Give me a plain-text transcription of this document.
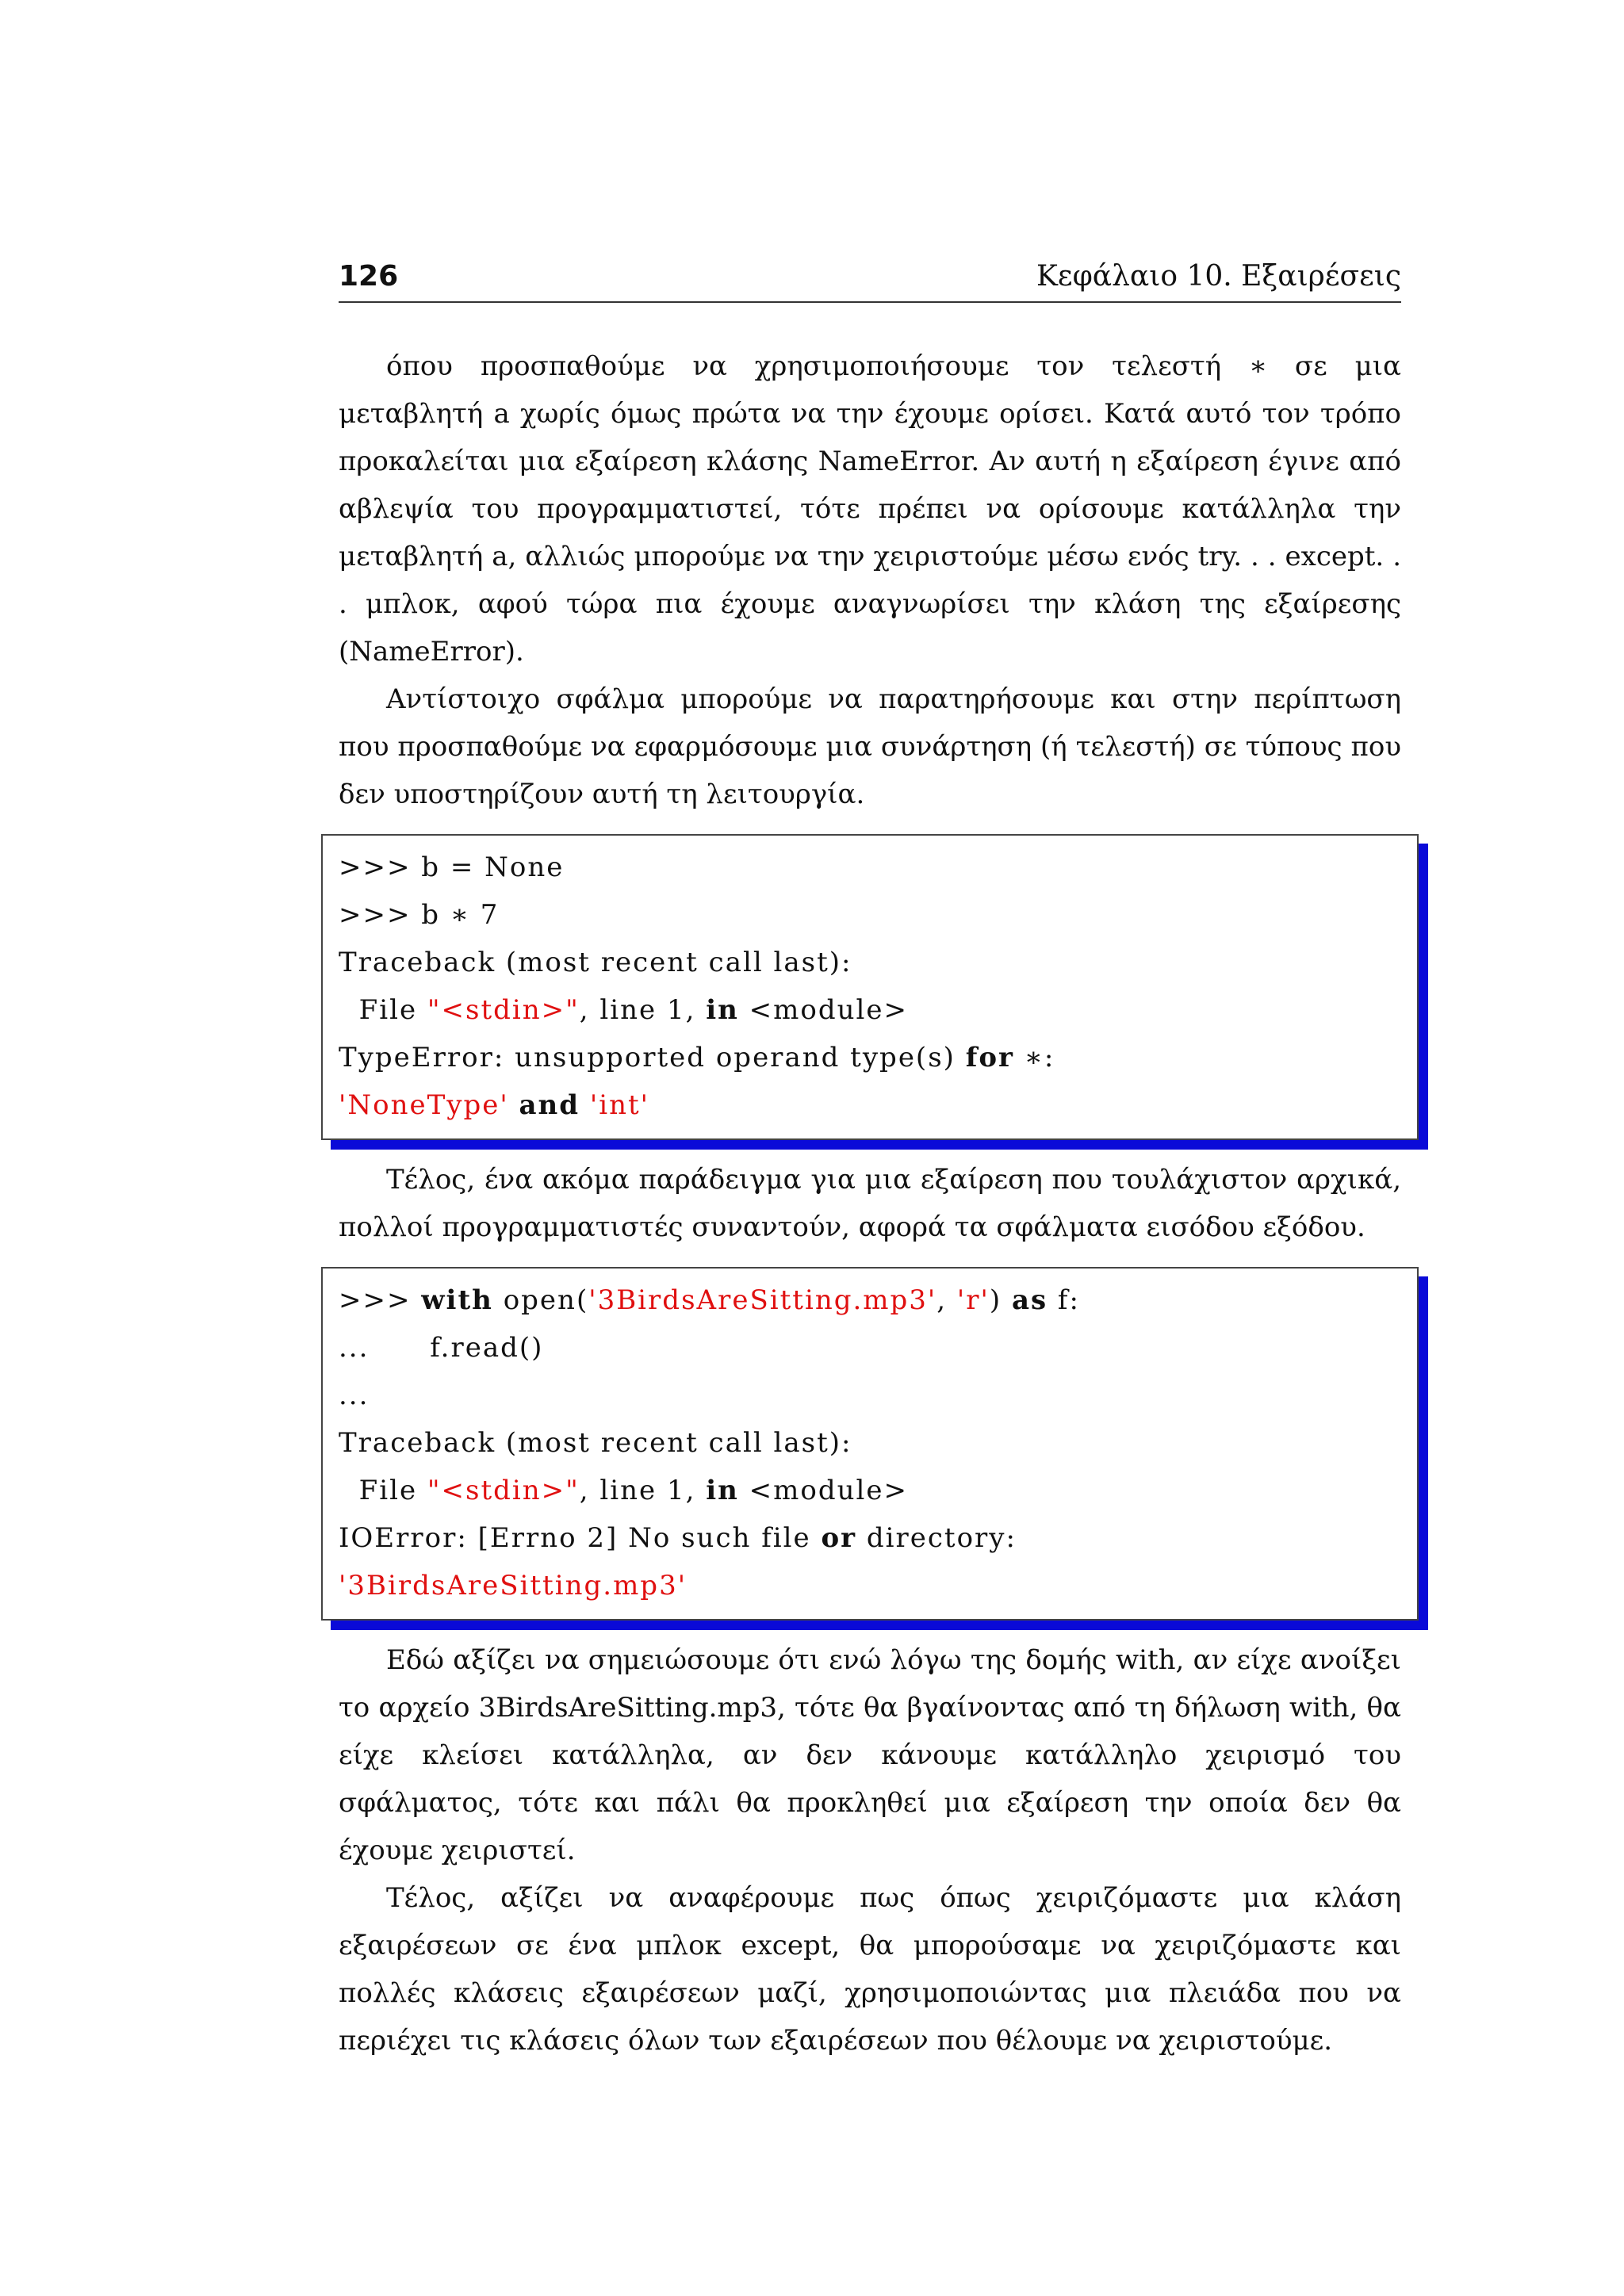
126	Κεφάλαιο 10. Εξαιρέσεις

όπου προσπαθούμε να χρησιμοποιήσουμε τον τελεστή ∗ σε μια μεταβλητή a χωρίς όμως πρώτα να την έχουμε ορίσει. Κατά αυτό τον τρόπο προκαλείται μια εξαίρεση κλάσης NameError. Αν αυτή η εξαίρεση έγινε από αβλεψία του προγραμματιστεί, τότε πρέπει να ορίσουμε κατάλληλα την μεταβλητή a, αλλιώς μπορούμε να την χειριστούμε μέσω ενός try. . . except. . . μπλοκ, αφού τώρα πια έχουμε αναγνωρίσει την κλάση της εξαίρεσης (NameError).

Αντίστοιχο σφάλμα μπορούμε να παρατηρήσουμε και στην περίπτωση που προσπαθούμε να εφαρμόσουμε μια συνάρτηση (ή τελεστή) σε τύπους που δεν υποστηρίζουν αυτή τη λειτουργία.

>>> b = None
>>> b ∗ 7
Traceback (most recent call last):
File "<stdin>", line 1, in <module>
TypeError: unsupported operand type(s) for ∗:
'NoneType' and 'int'

Τέλος, ένα ακόμα παράδειγμα για μια εξαίρεση που τουλάχιστον αρχικά, πολλοί προγραμματιστές συναντούν, αφορά τα σφάλματα εισόδου εξόδου.

>>> with open('3BirdsAreSitting.mp3', 'r') as f:
...      f.read()
...
Traceback (most recent call last):
File "<stdin>", line 1, in <module>
IOError: [Errno 2] No such file or directory:
'3BirdsAreSitting.mp3'

Εδώ αξίζει να σημειώσουμε ότι ενώ λόγω της δομής with, αν είχε ανοίξει το αρχείο 3BirdsAreSitting.mp3, τότε θα βγαίνοντας από τη δήλωση with, θα είχε κλείσει κατάλληλα, αν δεν κάνουμε κατάλληλο χειρισμό του σφάλματος, τότε και πάλι θα προκληθεί μια εξαίρεση την οποία δεν θα έχουμε χειριστεί.

Τέλος, αξίζει να αναφέρουμε πως όπως χειριζόμαστε μια κλάση εξαιρέσεων σε ένα μπλοκ except, θα μπορούσαμε να χειριζόμαστε και πολλές κλάσεις εξαιρέσεων μαζί, χρησιμοποιώντας μια πλειάδα που να περιέχει τις κλάσεις όλων των εξαιρέσεων που θέλουμε να χειριστούμε.
